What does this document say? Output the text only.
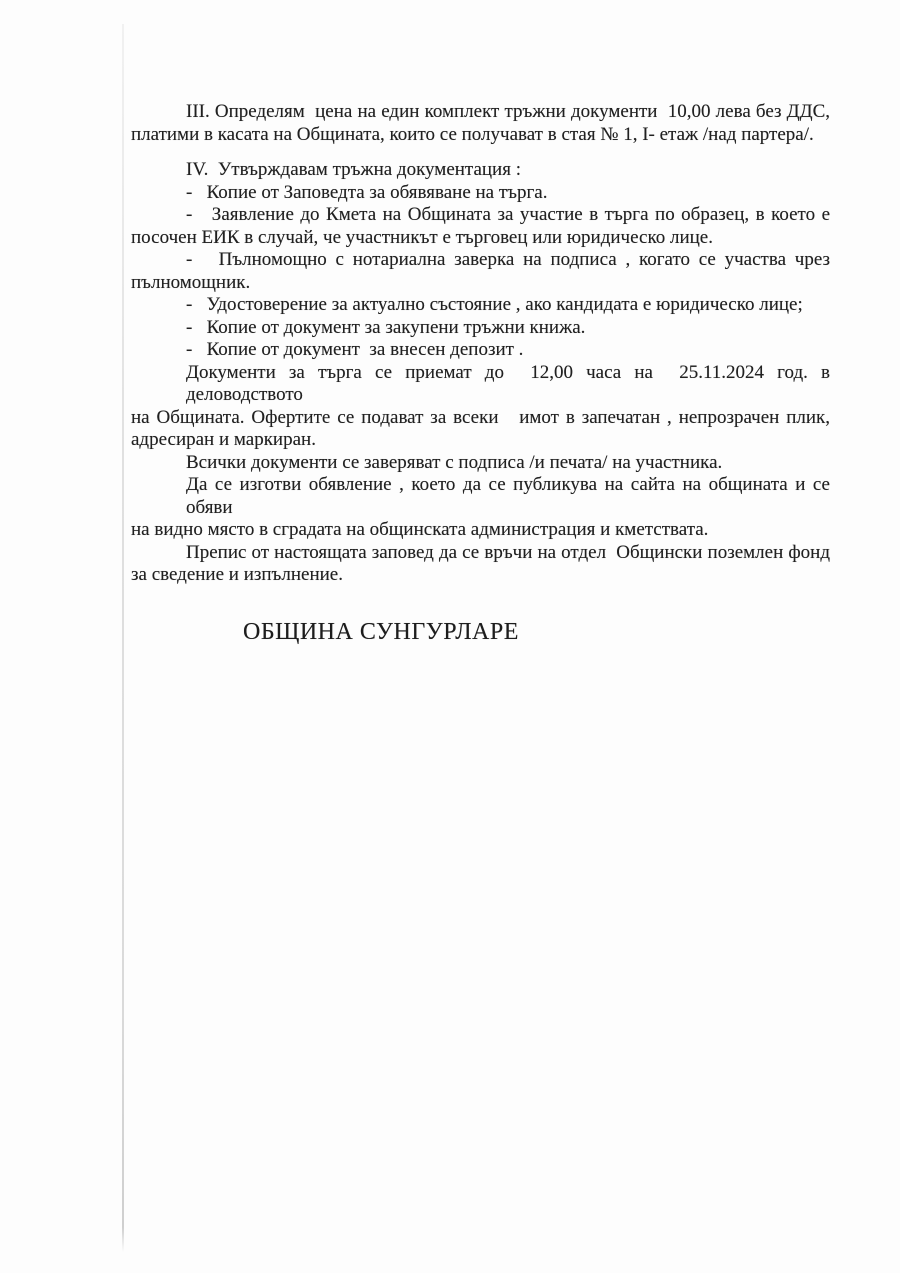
III. Определям  цена на един комплект тръжни документи  10,00 лева без ДДС,
платими в касата на Общината, които се получават в стая № 1, I- етаж /над партера/.
IV.  Утвърждавам тръжна документация :
-   Копие от Заповедта за обявяване на търга.
-   Заявление до Кмета на Общината за участие в търга по образец, в което е
посочен ЕИК в случай, че участникът е търговец или юридическо лице.
-   Пълномощно с нотариална заверка на подписа , когато се участва чрез
пълномощник.
-   Удостоверение за актуално състояние , ако кандидата е юридическо лице;
-   Копие от документ за закупени тръжни книжа.
-   Копие от документ  за внесен депозит .
Документи за търга се приемат до  12,00 часа на  25.11.2024 год. в деловодството
на Общината. Офертите се подават за всеки   имот в запечатан , непрозрачен плик,
адресиран и маркиран.
Всички документи се заверяват с подписа /и печата/ на участника.
Да се изготви обявление , което да се публикува на сайта на общината и се обяви
на видно място в сградата на общинската администрация и кметствата.
Препис от настоящата заповед да се връчи на отдел  Общински поземлен фонд
за сведение и изпълнение.
ОБЩИНА СУНГУРЛАРЕ
